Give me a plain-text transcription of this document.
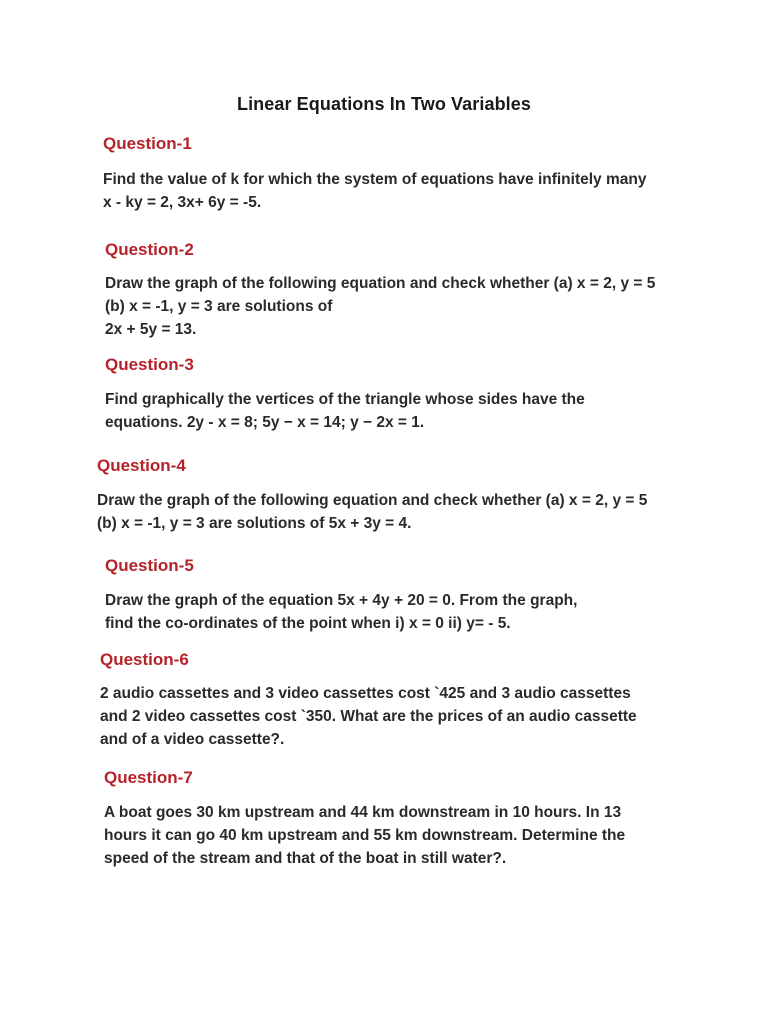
Linear Equations In Two Variables
Question-1
Find the value of k for which the system of equations have infinitely many
x - ky = 2, 3x+ 6y = -5.
Question-2
Draw the graph of the following equation and check whether (a) x = 2, y = 5
(b) x = -1, y = 3 are solutions of
2x + 5y = 13.
Question-3
Find graphically the vertices of the triangle whose sides have the
equations. 2y - x = 8; 5y − x = 14; y − 2x = 1.
Question-4
Draw the graph of the following equation and check whether (a) x = 2, y = 5
(b) x = -1, y = 3 are solutions of 5x + 3y = 4.
Question-5
Draw the graph of the equation 5x + 4y + 20 = 0. From the graph,
find the co-ordinates of the point when i) x = 0 ii) y= - 5.
Question-6
2 audio cassettes and 3 video cassettes cost `425 and 3 audio cassettes
and 2 video cassettes cost `350. What are the prices of an audio cassette
and of a video cassette?.
Question-7
A boat goes 30 km upstream and 44 km downstream in 10 hours. In 13
hours it can go 40 km upstream and 55 km downstream. Determine the
speed of the stream and that of the boat in still water?.
